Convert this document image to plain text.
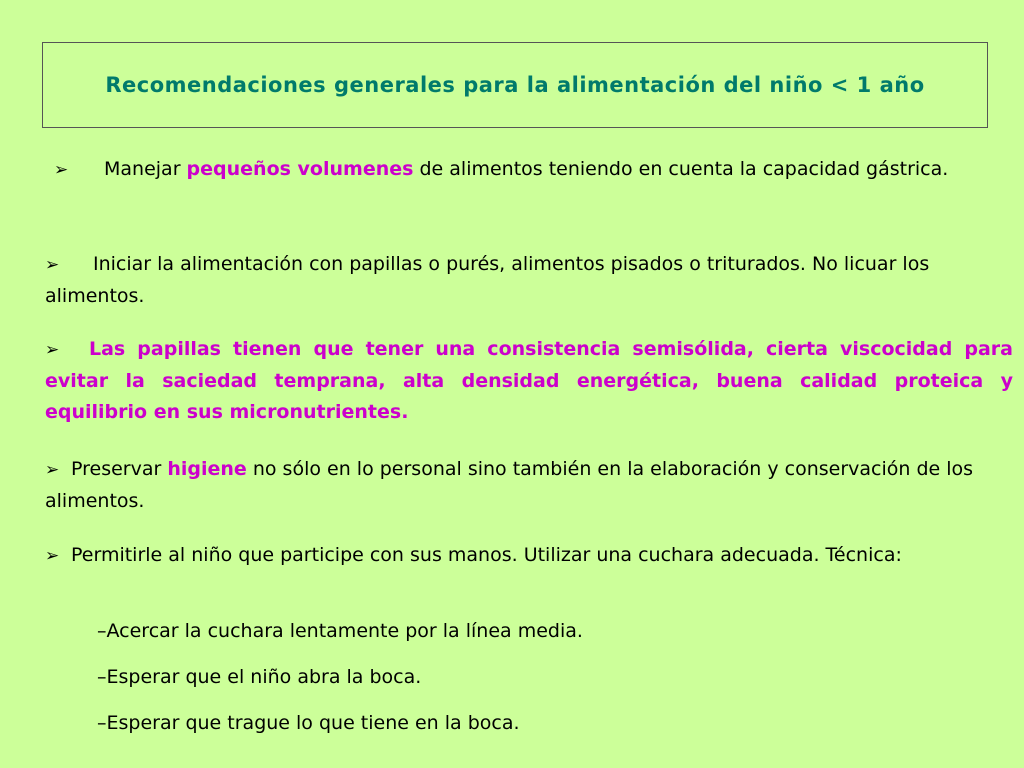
Recomendaciones generales para la alimentación del niño < 1 año

➢ Manejar pequeños volumenes de alimentos teniendo en cuenta la capacidad gástrica.

➢ Iniciar la alimentación con papillas o purés, alimentos pisados o triturados. No licuar los alimentos.

➢ Las papillas tienen que tener una consistencia semisólida, cierta viscocidad para evitar la saciedad temprana, alta densidad energética, buena calidad proteica y equilibrio en sus micronutrientes.

➢ Preservar higiene no sólo en lo personal sino también en la elaboración y conservación de los alimentos.

➢ Permitirle al niño que participe con sus manos. Utilizar una cuchara adecuada. Técnica:

–Acercar la cuchara lentamente por la línea media.

–Esperar que el niño abra la boca.

–Esperar que trague lo que tiene en la boca.
